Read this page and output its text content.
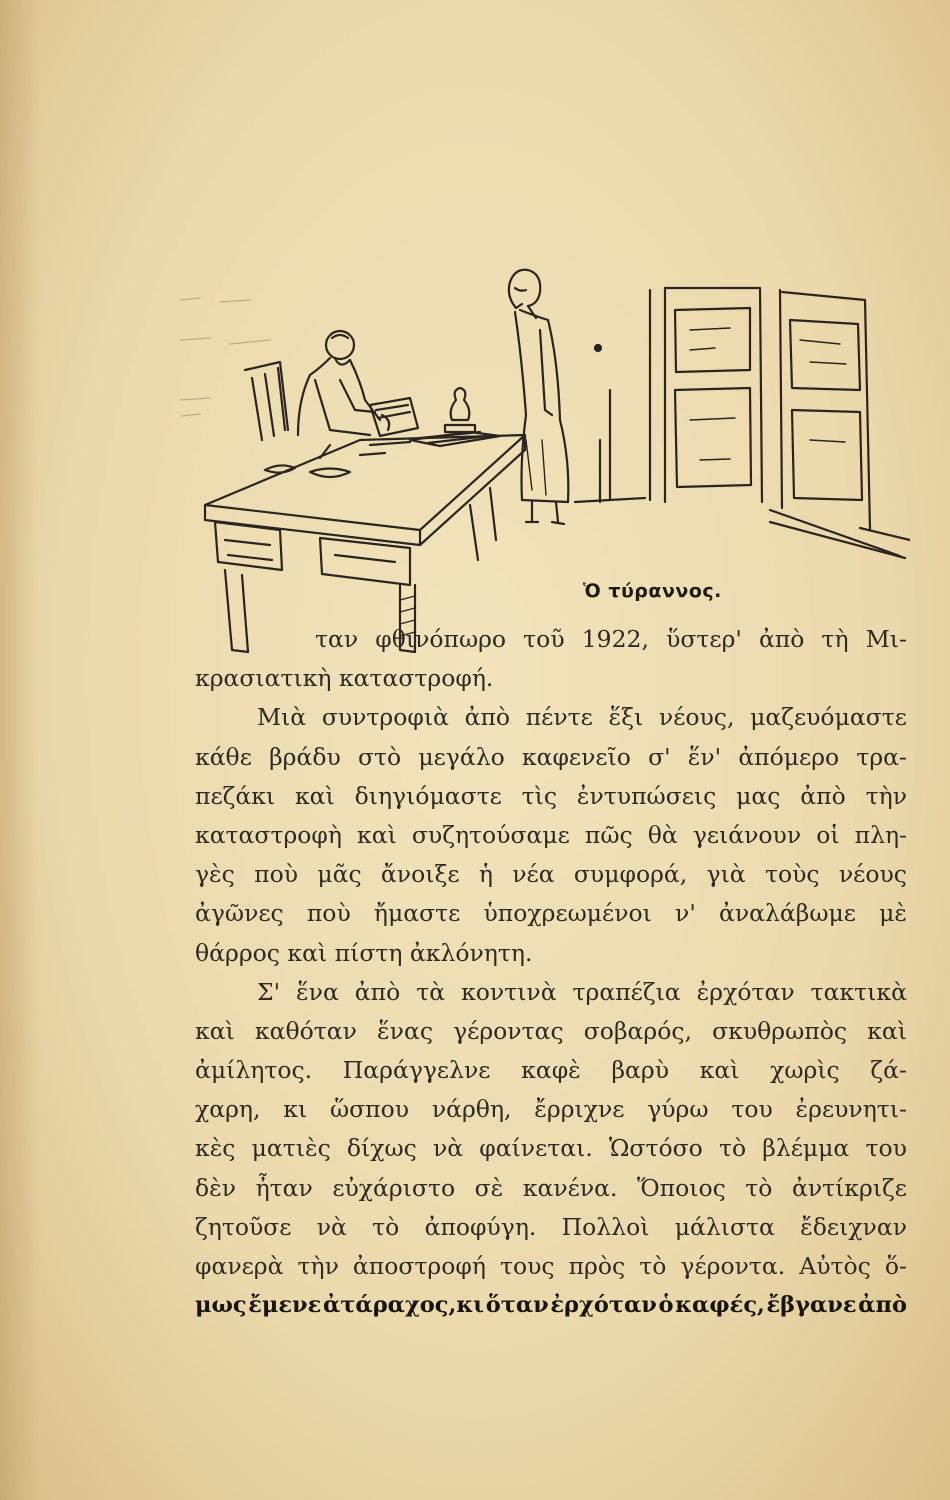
Ὁ τύραννος.
ταν φθινόπωρο τοῦ 1922, ὕστερ' ἀπὸ τὴ Μι-
κρασιατικὴ καταστροφή.
Μιὰ συντροφιὰ ἀπὸ πέντε ἕξι νέους, μαζευόμαστε
κάθε βράδυ στὸ μεγάλο καφενεῖο σ' ἕν' ἀπόμερο τρα-
πεζάκι καὶ διηγιόμαστε τὶς ἐντυπώσεις μας ἀπὸ τὴν
καταστροφὴ καὶ συζητούσαμε πῶς θὰ γειάνουν οἱ πλη-
γὲς ποὺ μᾶς ἄνοιξε ἡ νέα συμφορά, γιὰ τοὺς νέους
ἀγῶνες ποὺ ἤμαστε ὑποχρεωμένοι ν' ἀναλάβωμε μὲ
θάρρος καὶ πίστη ἀκλόνητη.
Σ' ἕνα ἀπὸ τὰ κοντινὰ τραπέζια ἐρχόταν τακτικὰ
καὶ καθόταν ἕνας γέροντας σοβαρός, σκυθρωπὸς καὶ
ἀμίλητος. Παράγγελνε καφὲ βαρὺ καὶ χωρὶς ζά-
χαρη, κι ὥσπου νάρθη, ἔρριχνε γύρω του ἐρευνητι-
κὲς ματιὲς δίχως νὰ φαίνεται. Ὡστόσο τὸ βλέμμα του
δὲν ἦταν εὐχάριστο σὲ κανένα. Ὅποιος τὸ ἀντίκριζε
ζητοῦσε νὰ τὸ ἀποφύγη. Πολλοὶ μάλιστα ἔδειχναν
φανερὰ τὴν ἀποστροφή τους πρὸς τὸ γέροντα. Αὐτὸς ὅ-
μως ἔμενε ἀτάραχος,κι ὅταν ἐρχόταν ὁ καφές, ἔβγανε ἀπὸ
